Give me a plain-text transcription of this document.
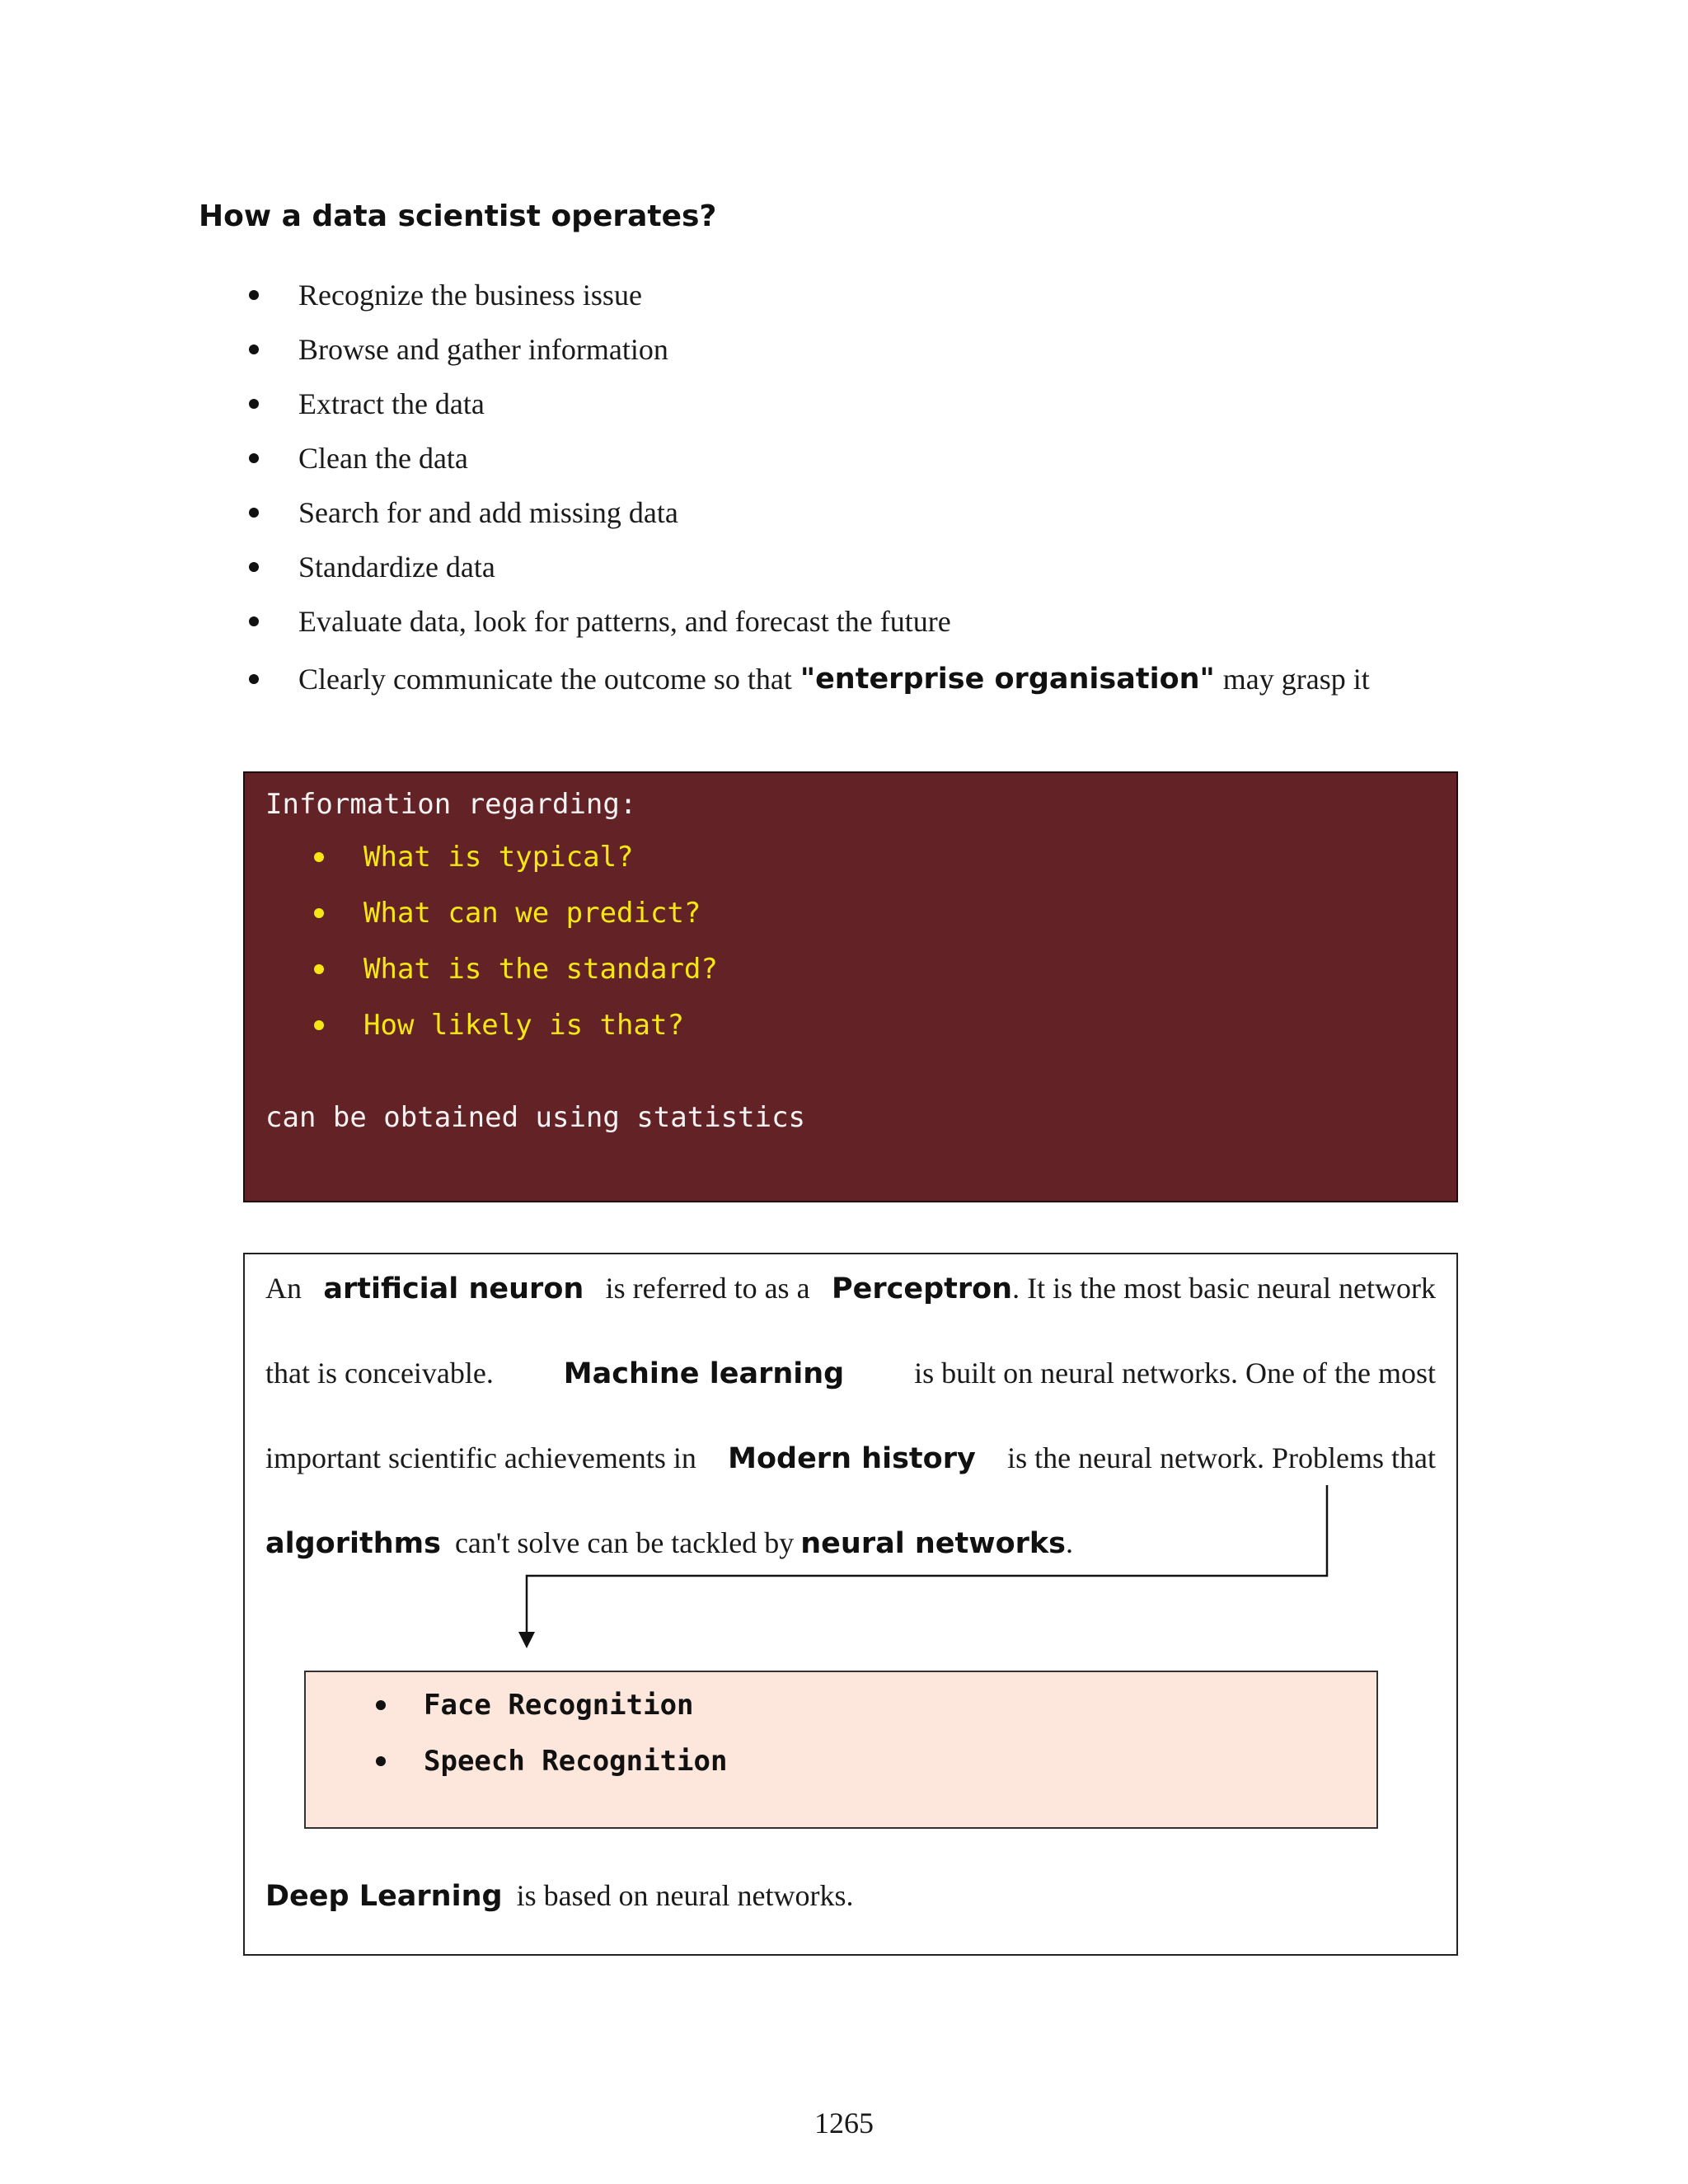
How a data scientist operates?
Recognize the business issue
Browse and gather information
Extract the data
Clean the data
Search for and add missing data
Standardize data
Evaluate data, look for patterns, and forecast the future
Clearly communicate the outcome so that "enterprise organisation" may grasp it
Information regarding:
What is typical?
What can we predict?
What is the standard?
How likely is that?
can be obtained using statistics
An artificial neuron is referred to as a Perceptron. It is the most basic neural network
that is conceivable. Machine learning is built on neural networks. One of the most
important scientific achievements in Modern history is the neural network. Problems that
algorithms can't solve can be tackled by neural networks.
Face Recognition
Speech Recognition
Deep Learning is based on neural networks.
1265
